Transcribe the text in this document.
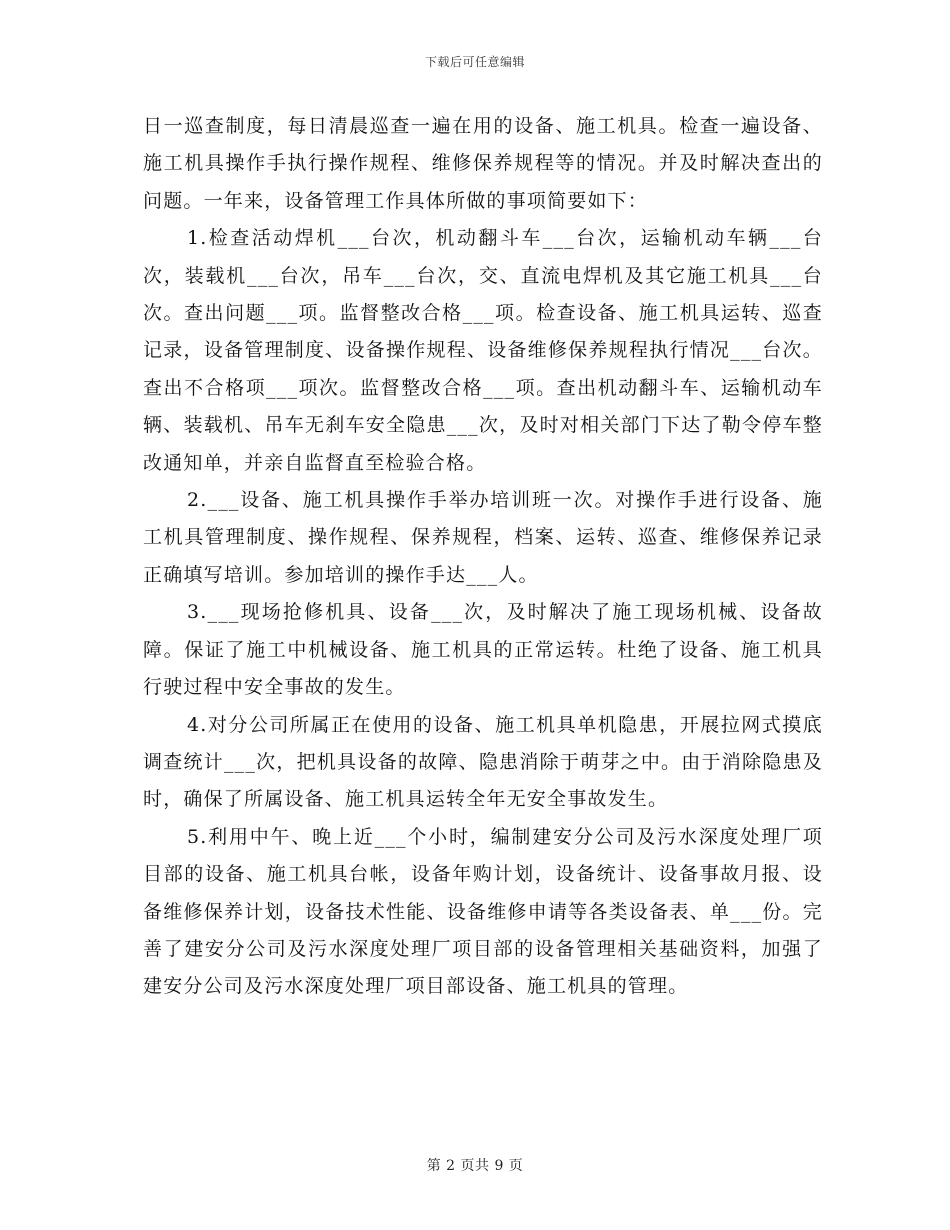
下载后可任意编辑

日一巡查制度，每日清晨巡查一遍在用的设备、施工机具。检查一遍设备、施工机具操作手执行操作规程、维修保养规程等的情况。并及时解决查出的问题。一年来，设备管理工作具体所做的事项简要如下：

1.检查活动焊机___台次，机动翻斗车___台次，运输机动车辆___台次，装载机___台次，吊车___台次，交、直流电焊机及其它施工机具___台次。查出问题___项。监督整改合格___项。检查设备、施工机具运转、巡查记录，设备管理制度、设备操作规程、设备维修保养规程执行情况___台次。查出不合格项___项次。监督整改合格___项。查出机动翻斗车、运输机动车辆、装载机、吊车无刹车安全隐患___次，及时对相关部门下达了勒令停车整改通知单，并亲自监督直至检验合格。

2.___设备、施工机具操作手举办培训班一次。对操作手进行设备、施工机具管理制度、操作规程、保养规程，档案、运转、巡查、维修保养记录正确填写培训。参加培训的操作手达___人。

3.___现场抢修机具、设备___次，及时解决了施工现场机械、设备故障。保证了施工中机械设备、施工机具的正常运转。杜绝了设备、施工机具行驶过程中安全事故的发生。

4.对分公司所属正在使用的设备、施工机具单机隐患，开展拉网式摸底调查统计___次，把机具设备的故障、隐患消除于萌芽之中。由于消除隐患及时，确保了所属设备、施工机具运转全年无安全事故发生。

5.利用中午、晚上近___个小时，编制建安分公司及污水深度处理厂项目部的设备、施工机具台帐，设备年购计划，设备统计、设备事故月报、设备维修保养计划，设备技术性能、设备维修申请等各类设备表、单___份。完善了建安分公司及污水深度处理厂项目部的设备管理相关基础资料，加强了建安分公司及污水深度处理厂项目部设备、施工机具的管理。

第 2 页共 9 页
